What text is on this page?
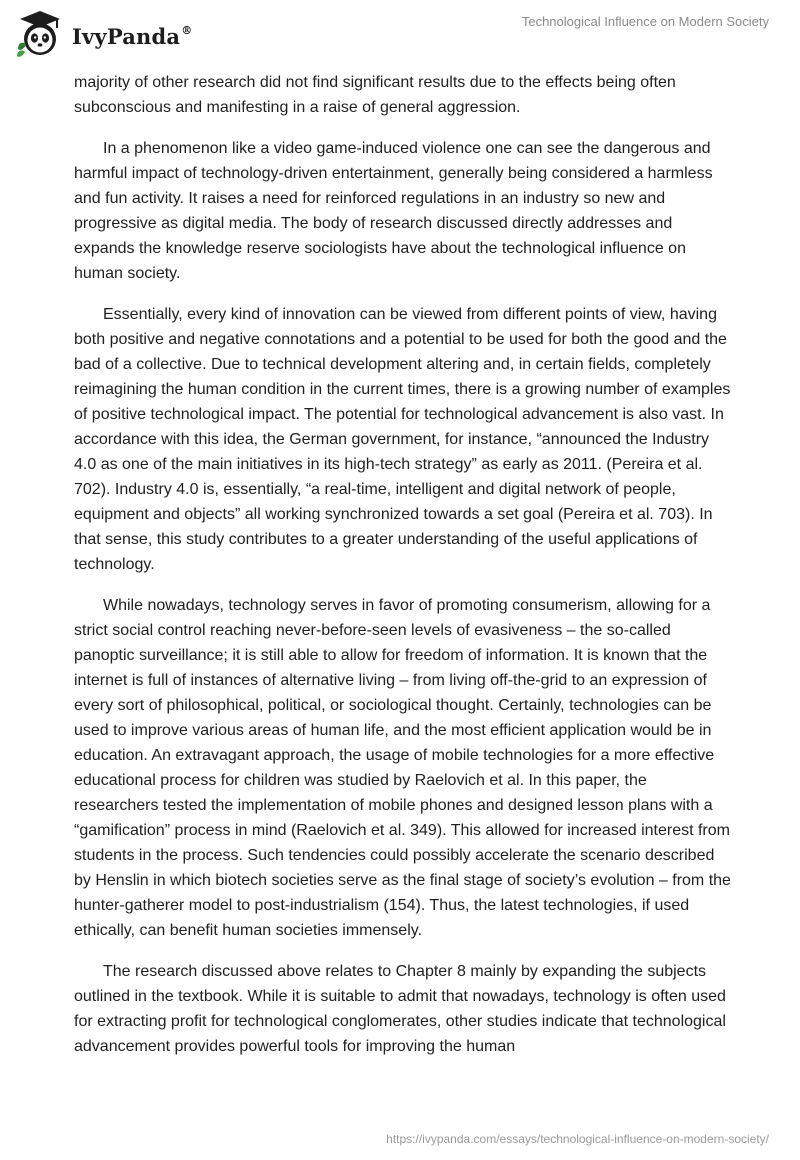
IvyPanda®
Technological Influence on Modern Society

majority of other research did not find significant results due to the effects being often subconscious and manifesting in a raise of general aggression.

In a phenomenon like a video game-induced violence one can see the dangerous and harmful impact of technology-driven entertainment, generally being considered a harmless and fun activity. It raises a need for reinforced regulations in an industry so new and progressive as digital media. The body of research discussed directly addresses and expands the knowledge reserve sociologists have about the technological influence on human society.

Essentially, every kind of innovation can be viewed from different points of view, having both positive and negative connotations and a potential to be used for both the good and the bad of a collective. Due to technical development altering and, in certain fields, completely reimagining the human condition in the current times, there is a growing number of examples of positive technological impact. The potential for technological advancement is also vast. In accordance with this idea, the German government, for instance, “announced the Industry 4.0 as one of the main initiatives in its high-tech strategy” as early as 2011. (Pereira et al. 702). Industry 4.0 is, essentially, “a real-time, intelligent and digital network of people, equipment and objects” all working synchronized towards a set goal (Pereira et al. 703). In that sense, this study contributes to a greater understanding of the useful applications of technology.

While nowadays, technology serves in favor of promoting consumerism, allowing for a strict social control reaching never-before-seen levels of evasiveness – the so-called panoptic surveillance; it is still able to allow for freedom of information. It is known that the internet is full of instances of alternative living – from living off-the-grid to an expression of every sort of philosophical, political, or sociological thought. Certainly, technologies can be used to improve various areas of human life, and the most efficient application would be in education. An extravagant approach, the usage of mobile technologies for a more effective educational process for children was studied by Raelovich et al. In this paper, the researchers tested the implementation of mobile phones and designed lesson plans with a “gamification” process in mind (Raelovich et al. 349). This allowed for increased interest from students in the process. Such tendencies could possibly accelerate the scenario described by Henslin in which biotech societies serve as the final stage of society’s evolution – from the hunter-gatherer model to post-industrialism (154). Thus, the latest technologies, if used ethically, can benefit human societies immensely.

The research discussed above relates to Chapter 8 mainly by expanding the subjects outlined in the textbook. While it is suitable to admit that nowadays, technology is often used for extracting profit for technological conglomerates, other studies indicate that technological advancement provides powerful tools for improving the human

https://ivypanda.com/essays/technological-influence-on-modern-society/
